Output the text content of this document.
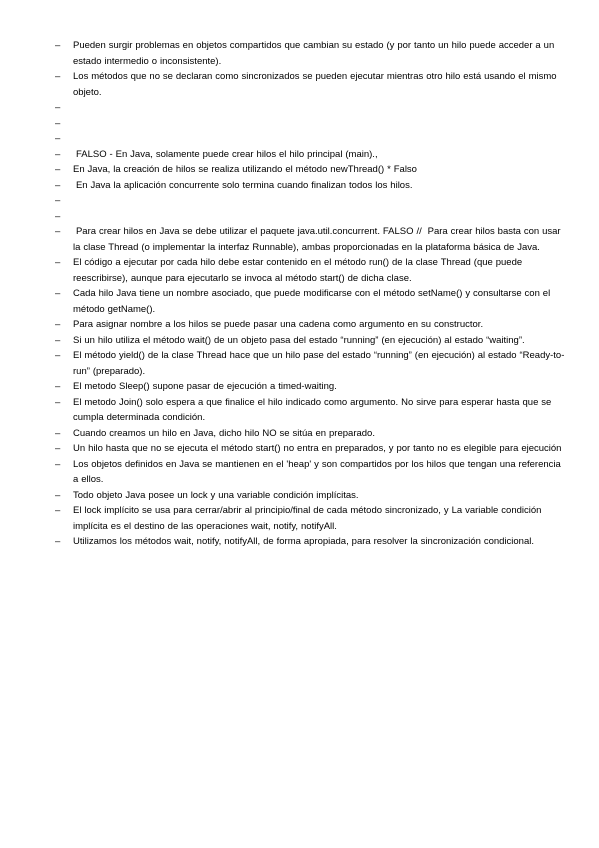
–	Pueden surgir problemas en objetos compartidos que cambian su estado (y por tanto un hilo puede acceder a un estado intermedio o inconsistente).
–	Los métodos que no se declaran como sincronizados se pueden ejecutar mientras otro hilo está usando el mismo objeto.
–
–
–
–	FALSO - En Java, solamente puede crear hilos el hilo principal (main).,
–	En Java, la creación de hilos se realiza utilizando el método newThread() * Falso
–	En Java la aplicación concurrente solo termina cuando finalizan todos los hilos.
–
–
–	Para crear hilos en Java se debe utilizar el paquete java.util.concurrent. FALSO //  Para crear hilos basta con usar la clase Thread (o implementar la interfaz Runnable), ambas proporcionadas en la plataforma básica de Java.
–	El código a ejecutar por cada hilo debe estar contenido en el método run() de la clase Thread (que puede reescribirse), aunque para ejecutarlo se invoca al método start() de dicha clase.
–	Cada hilo Java tiene un nombre asociado, que puede modificarse con el método setName() y consultarse con el método getName().
–	Para asignar nombre a los hilos se puede pasar una cadena como argumento en su constructor.
–	Si un hilo utiliza el método wait() de un objeto pasa del estado “running” (en ejecución) al estado “waiting”.
–	El método yield() de la clase Thread hace que un hilo pase del estado “running” (en ejecución) al estado “Ready-to-run” (preparado).
–	El metodo Sleep() supone pasar de ejecución a timed-waiting.
–	El metodo Join() solo espera a que finalice el hilo indicado como argumento. No sirve para esperar hasta que se cumpla determinada condición.
–	Cuando creamos un hilo en Java, dicho hilo NO se sitúa en preparado.
–	Un hilo hasta que no se ejecuta el método start() no entra en preparados, y por tanto no es elegible para ejecución
–	Los objetos definidos en Java se mantienen en el 'heap' y son compartidos por los hilos que tengan una referencia a ellos.
–	Todo objeto Java posee un lock y una variable condición implícitas.
–	El lock implícito se usa para cerrar/abrir al principio/final de cada método sincronizado, y La variable condición implícita es el destino de las operaciones wait, notify, notifyAll.
–	Utilizamos los métodos wait, notify, notifyAll, de forma apropiada, para resolver la sincronización condicional.
